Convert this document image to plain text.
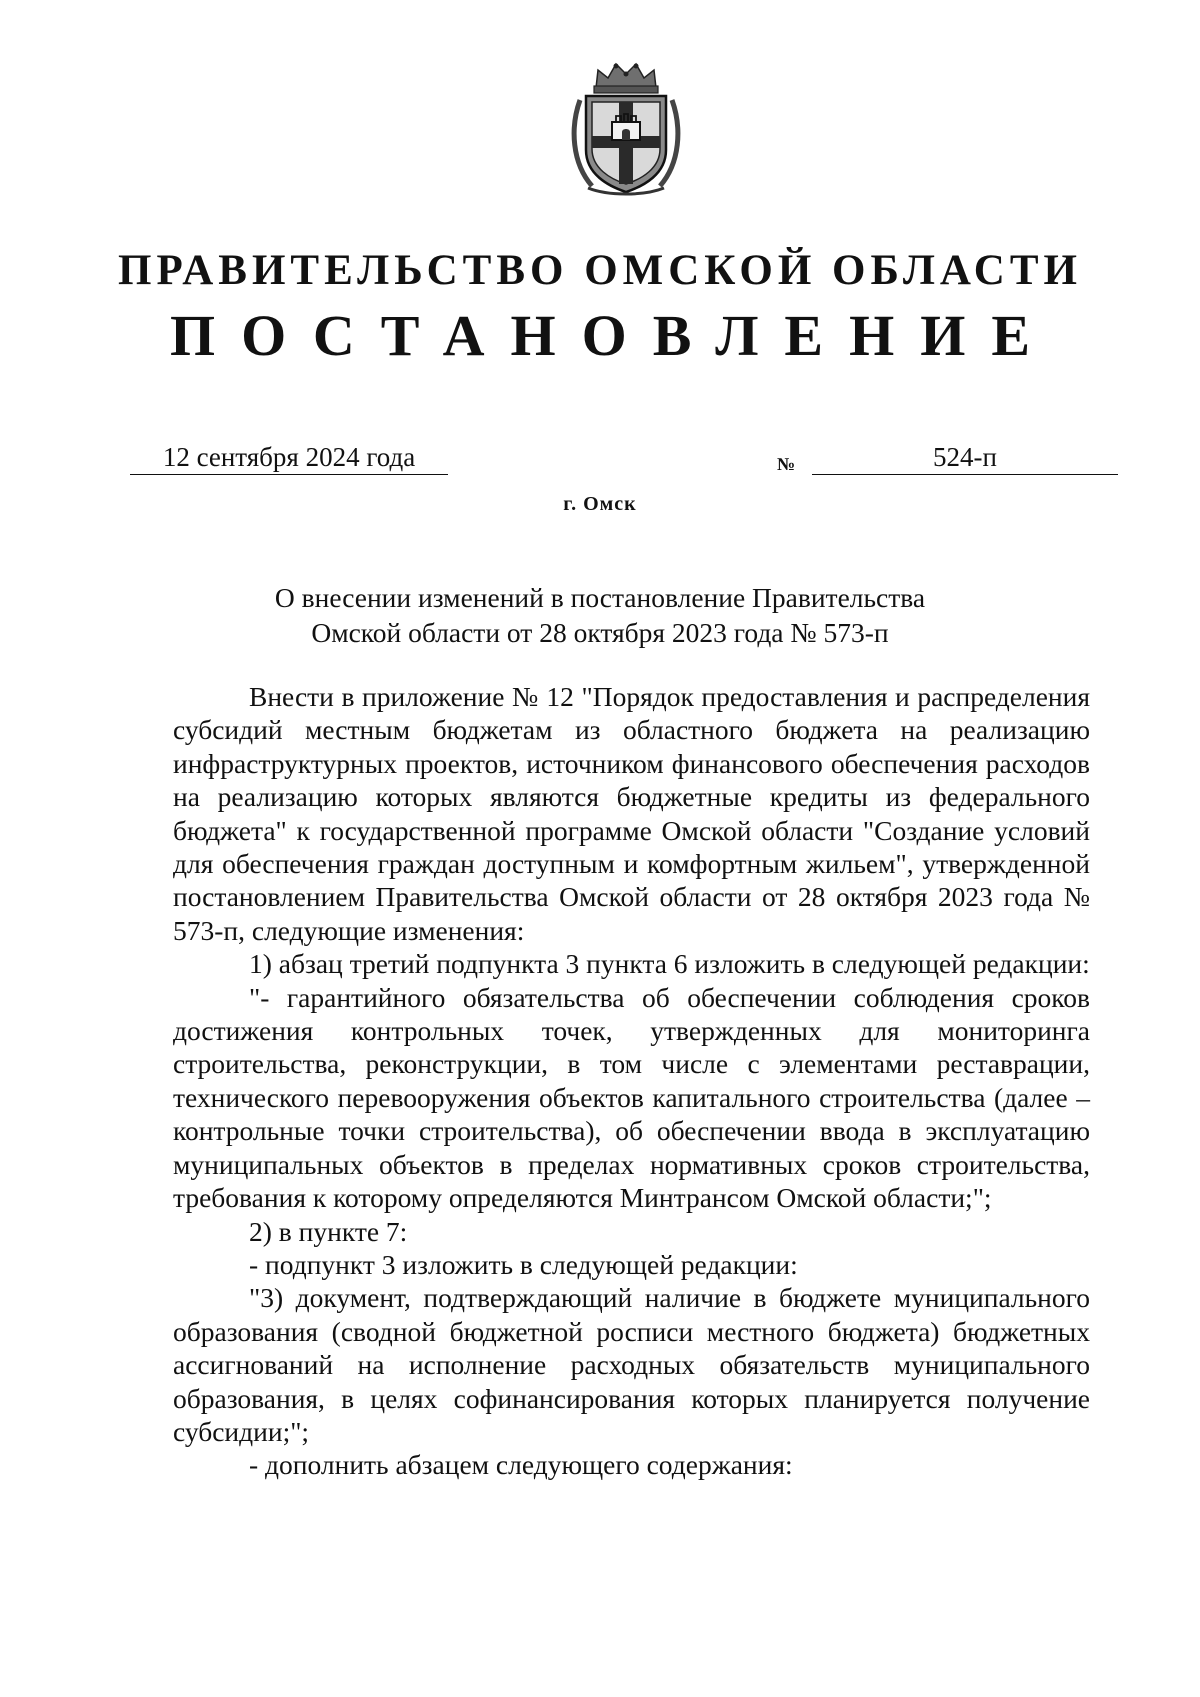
ПРАВИТЕЛЬСТВО ОМСКОЙ ОБЛАСТИ
ПОСТАНОВЛЕНИЕ
12 сентября 2024 года	№	524-п
г. Омск
О внесении изменений в постановление Правительства
Омской области от 28 октября 2023 года № 573-п

Внести в приложение № 12 "Порядок предоставления и распределения субсидий местным бюджетам из областного бюджета на реализацию инфраструктурных проектов, источником финансового обеспечения расходов на реализацию которых являются бюджетные кредиты из федерального бюджета" к государственной программе Омской области "Создание условий для обеспечения граждан доступным и комфортным жильем", утвержденной постановлением Правительства Омской области от 28 октября 2023 года № 573-п, следующие изменения:

1) абзац третий подпункта 3 пункта 6 изложить в следующей редакции:

"- гарантийного обязательства об обеспечении соблюдения сроков достижения контрольных точек, утвержденных для мониторинга строительства, реконструкции, в том числе с элементами реставрации, технического перевооружения объектов капитального строительства (далее – контрольные точки строительства), об обеспечении ввода в эксплуатацию муниципальных объектов в пределах нормативных сроков строительства, требования к которому определяются Минтрансом Омской области;";

2) в пункте 7:

- подпункт 3 изложить в следующей редакции:

"3) документ, подтверждающий наличие в бюджете муниципального образования (сводной бюджетной росписи местного бюджета) бюджетных ассигнований на исполнение расходных обязательств муниципального образования, в целях софинансирования которых планируется получение субсидии;";

- дополнить абзацем следующего содержания:
